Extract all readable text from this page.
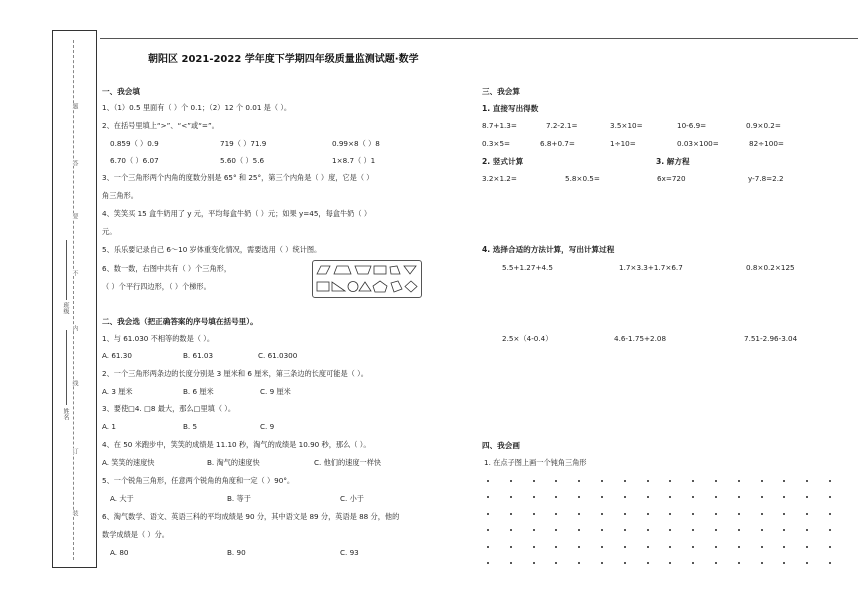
题
答
要
不
内
线
订
装
班级
姓名
朝阳区 2021-2022 学年度下学期四年级质量监测试题·数学
一、我会填
1、（1）0.5 里面有（ ）个 0.1；（2）12 个 0.01 是（ ）。
2、在括号里填上“>”、“<”或“=”。
0.859（ ）0.9	719（ ）71.9	0.99×8（ ）8
6.70（ ）6.07	5.60（ ）5.6	1×8.7（ ）1
3、一个三角形两个内角的度数分别是 65° 和 25°，第三个内角是（ ）度，它是（ ）
角三角形。
4、笑笑买 15 盒牛奶用了 y 元，平均每盒牛奶（ ）元；如果 y=45，每盒牛奶（ ）
元。
5、乐乐要记录自己 6～10 岁体重变化情况，需要选用（ ）统计图。
6、数一数，右图中共有（ ）个三角形，
（ ）个平行四边形，（ ）个梯形。
二、我会选（把正确答案的序号填在括号里）。
1、与 61.030 不相等的数是（ ）。
A. 61.30	B. 61.03	C. 61.0300
2、一个三角形两条边的长度分别是 3 厘米和 6 厘米，第三条边的长度可能是（ ）。
A. 3 厘米	B. 6 厘米	C. 9 厘米
3、要使□4. □8 最大，那么□里填（ ）。
A. 1	B. 5	C. 9
4、在 50 米跑步中，笑笑的成绩是 11.10 秒，淘气的成绩是 10.90 秒，那么（ ）。
A. 笑笑的速度快	B. 淘气的速度快	C. 他们的速度一样快
5、一个锐角三角形，任意两个锐角的角度和一定（ ）90°。
A. 大于	B. 等于	C. 小于
6、淘气数学、语文、英语三科的平均成绩是 90 分，其中语文是 89 分，英语是 88 分，他的
数学成绩是（ ）分。
A. 80	B. 90	C. 93
三、我会算
1. 直接写出得数
8.7+1.3=	7.2-2.1=	3.5×10=	10-6.9=	0.9×0.2=
0.3×5=	6.8+0.7=	1÷10=	0.03×100=	82÷100=
2. 竖式计算	3. 解方程
3.2×1.2=	5.8×0.5=	6x=720	y-7.8=2.2
4. 选择合适的方法计算，写出计算过程
5.5+1.27+4.5	1.7×3.3+1.7×6.7	0.8×0.2×125
2.5×（4-0.4）	4.6-1.75+2.08	7.51-2.96-3.04
四、我会画
1. 在点子图上画一个钝角三角形
